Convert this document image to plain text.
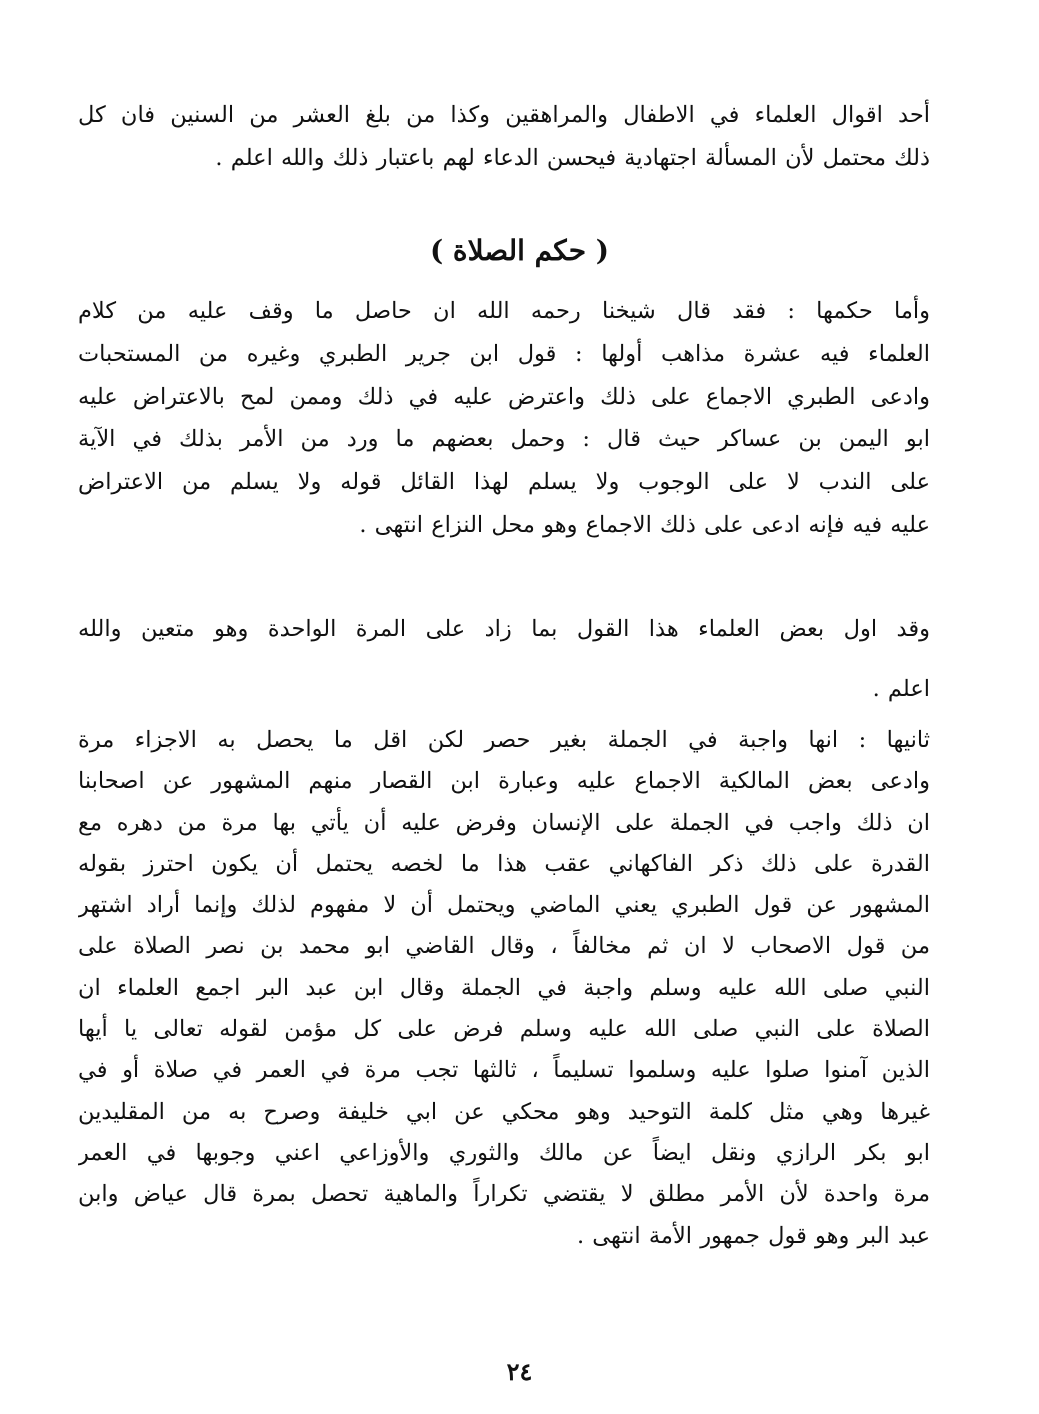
أحد اقوال العلماء في الاطفال والمراهقين وكذا من بلغ العشر من السنين فان كل
ذلك محتمل لأن المسألة اجتهادية فيحسن الدعاء لهم باعتبار ذلك والله اعلم .
( حكم الصلاة )
وأما حكمها : فقد قال شيخنا رحمه الله ان حاصل ما وقف عليه من كلام
العلماء فيه عشرة مذاهب أولها : قول ابن جرير الطبري وغيره من المستحبات
وادعى الطبري الاجماع على ذلك واعترض عليه في ذلك وممن لمح بالاعتراض عليه
ابو اليمن بن عساكر حيث قال : وحمل بعضهم ما ورد من الأمر بذلك في الآية
على الندب لا على الوجوب ولا يسلم لهذا القائل قوله ولا يسلم من الاعتراض
عليه فيه فإنه ادعى على ذلك الاجماع وهو محل النزاع انتهى .
وقد اول بعض العلماء هذا القول بما زاد على المرة الواحدة وهو متعين والله
اعلم .
ثانيها : انها واجبة في الجملة بغير حصر لكن اقل ما يحصل به الاجزاء مرة
وادعى بعض المالكية الاجماع عليه وعبارة ابن القصار منهم المشهور عن اصحابنا
ان ذلك واجب في الجملة على الإنسان وفرض عليه أن يأتي بها مرة من دهره مع
القدرة على ذلك ذكر الفاكهاني عقب هذا ما لخصه يحتمل أن يكون احترز بقوله
المشهور عن قول الطبري يعني الماضي ويحتمل أن لا مفهوم لذلك وإنما أراد اشتهر
من قول الاصحاب لا ان ثم مخالفاً ، وقال القاضي ابو محمد بن نصر الصلاة على
النبي صلى الله عليه وسلم واجبة في الجملة وقال ابن عبد البر اجمع العلماء ان
الصلاة على النبي صلى الله عليه وسلم فرض على كل مؤمن لقوله تعالى يا أيها
الذين آمنوا صلوا عليه وسلموا تسليماً ، ثالثها تجب مرة في العمر في صلاة أو في
غيرها وهي مثل كلمة التوحيد وهو محكي عن ابي خليفة وصرح به من المقليدين
ابو بكر الرازي ونقل ايضاً عن مالك والثوري والأوزاعي اعني وجوبها في العمر
مرة واحدة لأن الأمر مطلق لا يقتضي تكراراً والماهية تحصل بمرة قال عياض وابن
عبد البر وهو قول جمهور الأمة انتهى .
٢٤
